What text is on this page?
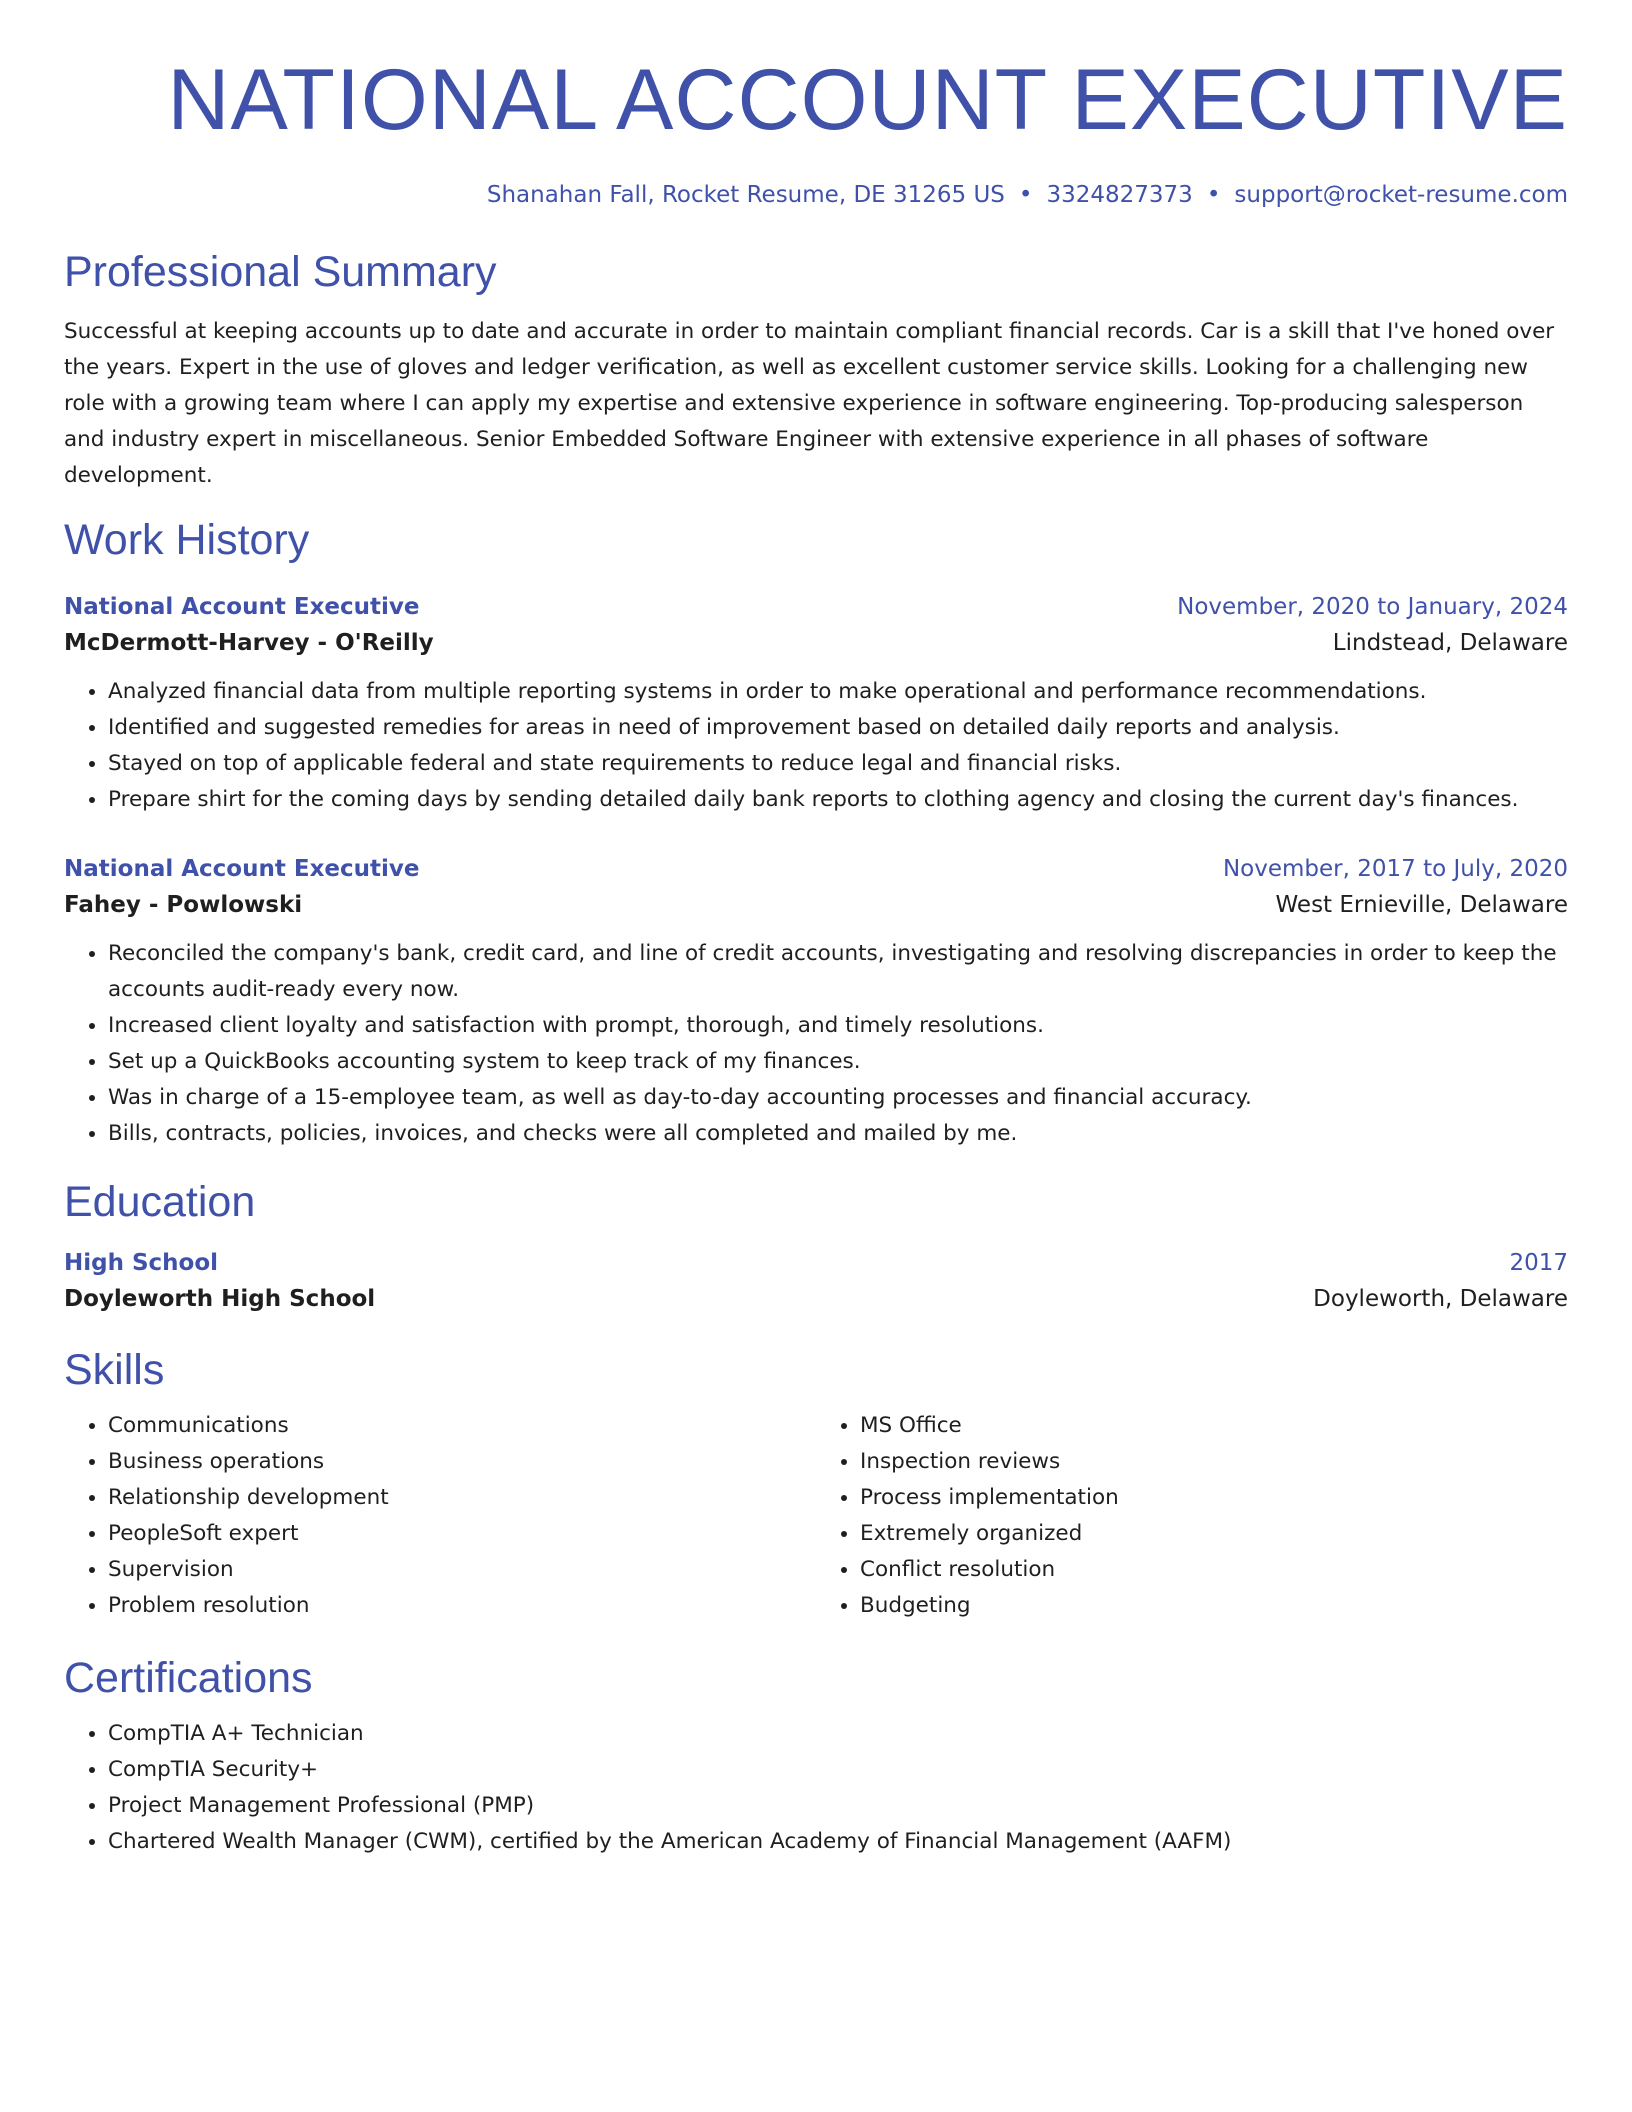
NATIONAL ACCOUNT EXECUTIVE
Shanahan Fall, Rocket Resume, DE 31265 US • 3324827373 • support@rocket-resume.com
Professional Summary
Successful at keeping accounts up to date and accurate in order to maintain compliant financial records. Car is a skill that I've honed over the years. Expert in the use of gloves and ledger verification, as well as excellent customer service skills. Looking for a challenging new role with a growing team where I can apply my expertise and extensive experience in software engineering. Top-producing salesperson and industry expert in miscellaneous. Senior Embedded Software Engineer with extensive experience in all phases of software development.
Work History
National Account Executive	November, 2020 to January, 2024
McDermott-Harvey - O'Reilly	Lindstead, Delaware
• Analyzed financial data from multiple reporting systems in order to make operational and performance recommendations.
• Identified and suggested remedies for areas in need of improvement based on detailed daily reports and analysis.
• Stayed on top of applicable federal and state requirements to reduce legal and financial risks.
• Prepare shirt for the coming days by sending detailed daily bank reports to clothing agency and closing the current day's finances.
National Account Executive	November, 2017 to July, 2020
Fahey - Powlowski	West Ernieville, Delaware
• Reconciled the company's bank, credit card, and line of credit accounts, investigating and resolving discrepancies in order to keep the accounts audit-ready every now.
• Increased client loyalty and satisfaction with prompt, thorough, and timely resolutions.
• Set up a QuickBooks accounting system to keep track of my finances.
• Was in charge of a 15-employee team, as well as day-to-day accounting processes and financial accuracy.
• Bills, contracts, policies, invoices, and checks were all completed and mailed by me.
Education
High School	2017
Doyleworth High School	Doyleworth, Delaware
Skills
• Communications
• Business operations
• Relationship development
• PeopleSoft expert
• Supervision
• Problem resolution
• MS Office
• Inspection reviews
• Process implementation
• Extremely organized
• Conflict resolution
• Budgeting
Certifications
• CompTIA A+ Technician
• CompTIA Security+
• Project Management Professional (PMP)
• Chartered Wealth Manager (CWM), certified by the American Academy of Financial Management (AAFM)
